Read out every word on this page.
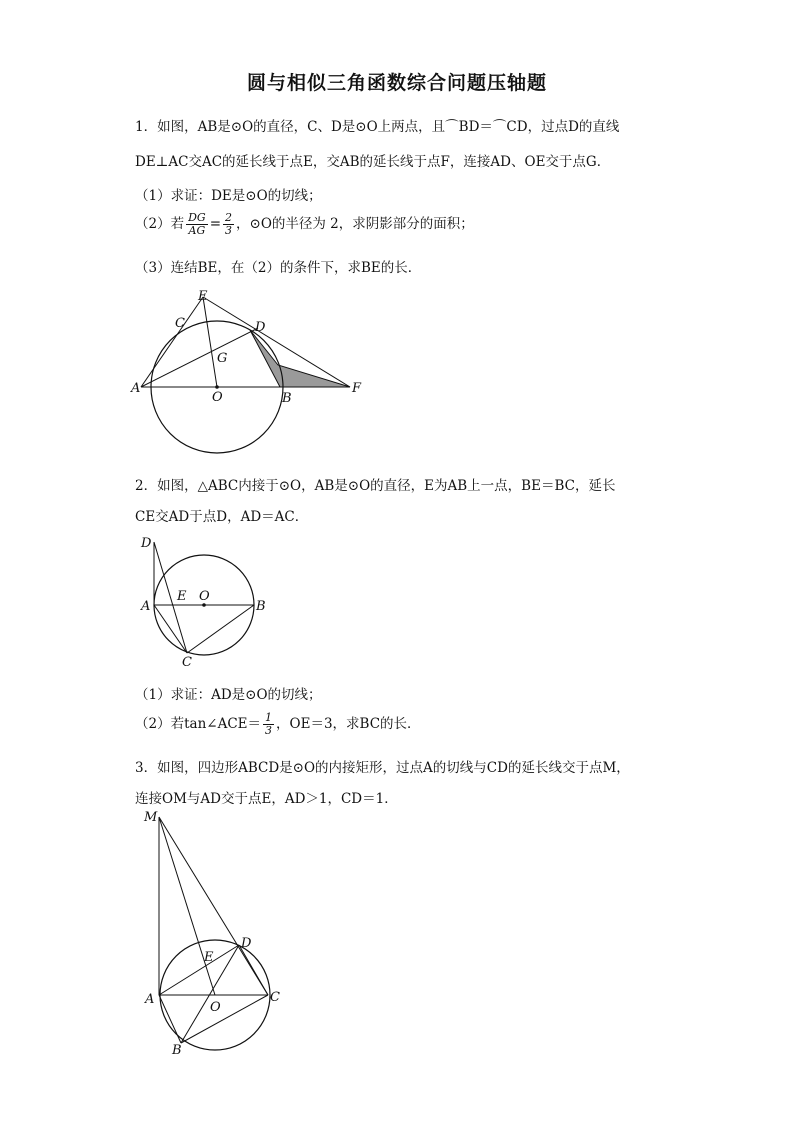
圆与相似三角函数综合问题压轴题
1．如图，AB是⊙O的直径，C、D是⊙O上两点，且⌒BD＝⌒CD，过点D的直线
DE⊥AC交AC的延长线于点E，交AB的延长线于点F，连接AD、OE交于点G．
（1）求证：DE是⊙O的切线；
（2）若 $\frac{DG}{AG} = \frac{2}{3}$ ，⊙O的半径为 2，求阴影部分的面积；
（3）连结BE，在（2）的条件下，求BE的长．
A
B
C	D
E
F
G
O
2．如图，△ABC内接于⊙O，AB是⊙O的直径，E为AB上一点，BE＝BC，延长
CE交AD于点D，AD＝AC．
D
A
E O
B
C
（1）求证：AD是⊙O的切线；
（2）若tan∠ACE＝ $\frac{1}{3}$ ，OE＝3，求BC的长．
3．如图，四边形ABCD是⊙O的内接矩形，过点A的切线与CD的延长线交于点M，
连接OM与AD交于点E，AD＞1，CD＝1．
M
D
E
A
O
C
B
